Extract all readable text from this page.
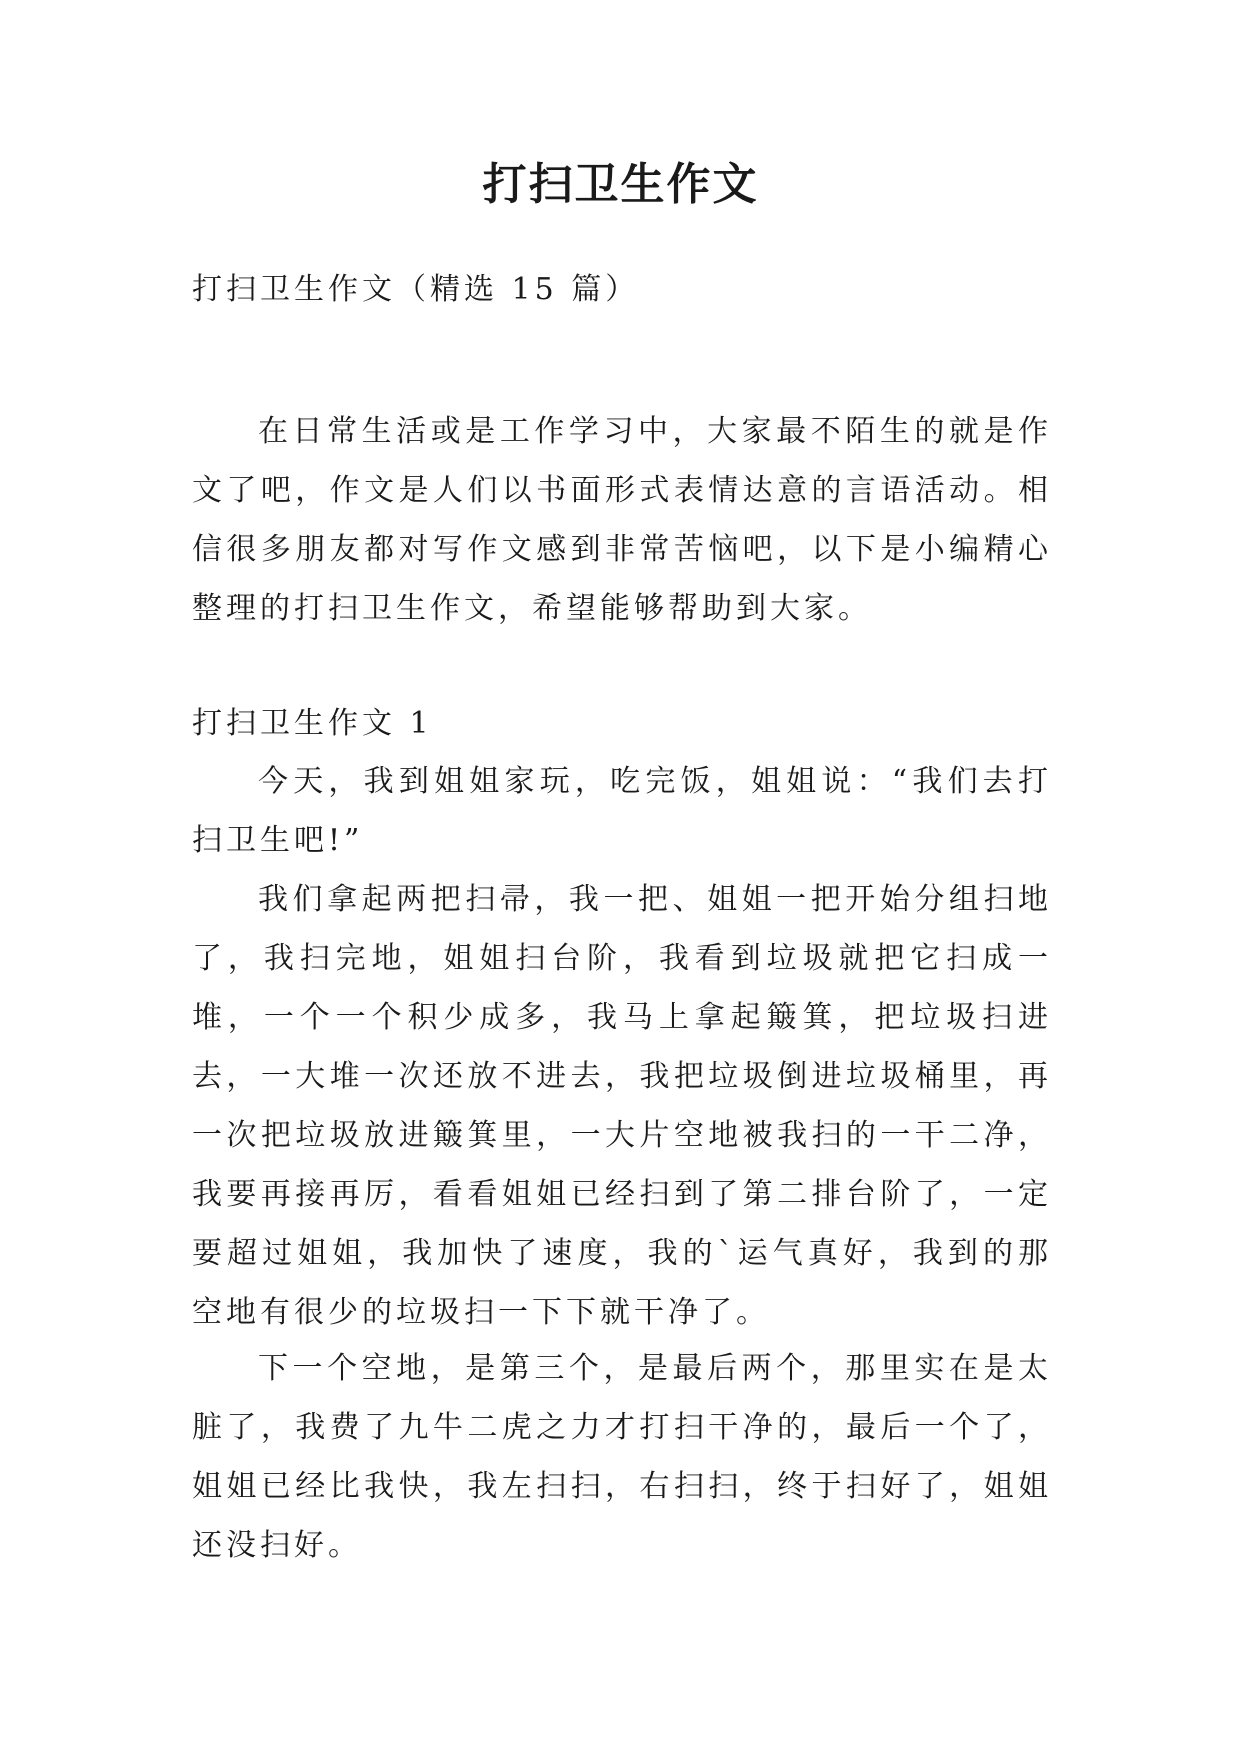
打扫卫生作文

打扫卫生作文（精选 15 篇）

在日常生活或是工作学习中，大家最不陌生的就是作文了吧，作文是人们以书面形式表情达意的言语活动。相信很多朋友都对写作文感到非常苦恼吧，以下是小编精心整理的打扫卫生作文，希望能够帮助到大家。

打扫卫生作文 1

今天，我到姐姐家玩，吃完饭，姐姐说：“我们去打扫卫生吧!”

我们拿起两把扫帚，我一把、姐姐一把开始分组扫地了，我扫完地，姐姐扫台阶，我看到垃圾就把它扫成一堆，一个一个积少成多，我马上拿起簸箕，把垃圾扫进去，一大堆一次还放不进去，我把垃圾倒进垃圾桶里，再一次把垃圾放进簸箕里，一大片空地被我扫的一干二净，我要再接再厉，看看姐姐已经扫到了第二排台阶了，一定要超过姐姐，我加快了速度，我的`运气真好，我到的那空地有很少的垃圾扫一下下就干净了。

下一个空地，是第三个，是最后两个，那里实在是太脏了，我费了九牛二虎之力才打扫干净的，最后一个了，姐姐已经比我快，我左扫扫，右扫扫，终于扫好了，姐姐还没扫好。
